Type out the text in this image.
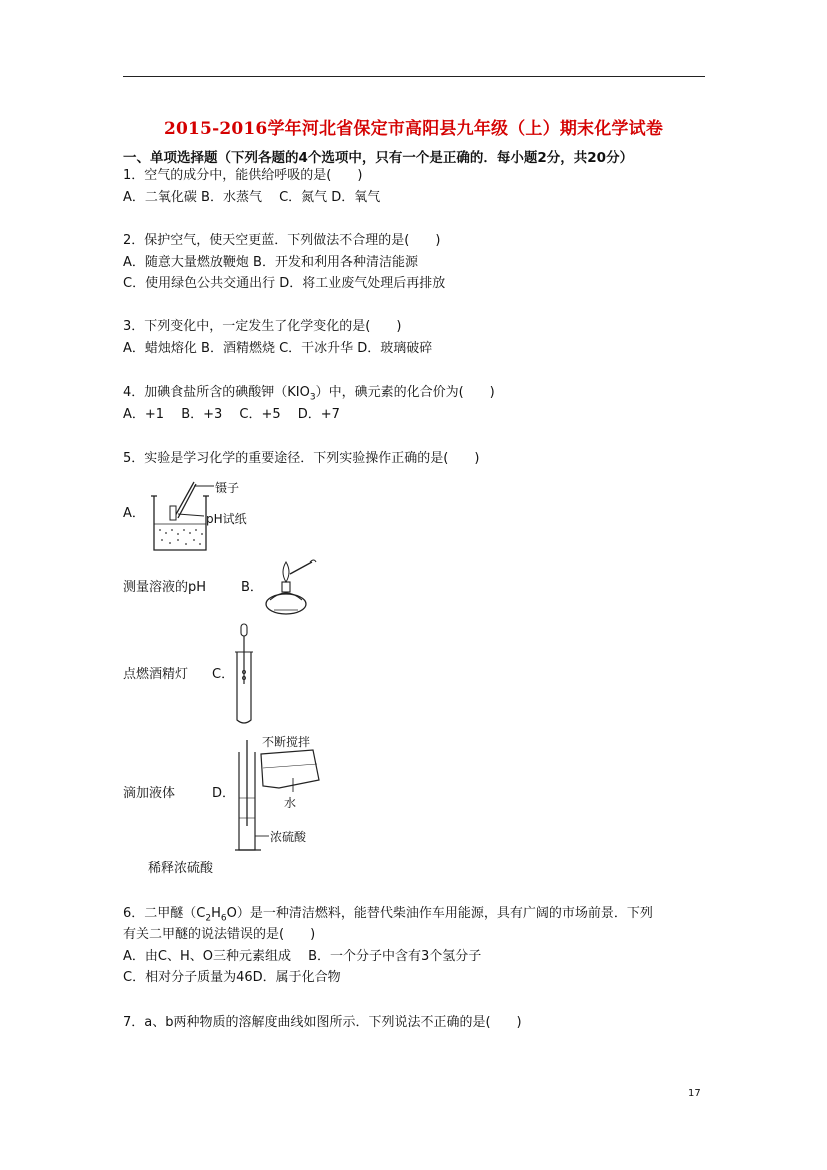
2015-2016学年河北省保定市高阳县九年级（上）期末化学试卷
一、单项选择题（下列各题的4个选项中，只有一个是正确的．每小题2分，共20分）
1．空气的成分中，能供给呼吸的是(　　)
A．二氧化碳 B．水蒸气　 C．氮气 D．氧气
2．保护空气，使天空更蓝．下列做法不合理的是(　　)
A．随意大量燃放鞭炮 B．开发和利用各种清洁能源
C．使用绿色公共交通出行 D．将工业废气处理后再排放
3．下列变化中，一定发生了化学变化的是(　　)
A．蜡烛熔化 B．酒精燃烧 C．干冰升华 D．玻璃破碎
4．加碘食盐所含的碘酸钾$(KIO_3)$中，碘元素的化合价为(　　)
A．+1　 B．+3　 C．+5　 D．+7
5．实验是学习化学的重要途径．下列实验操作正确的是(　　)
A．
镊子
pH试纸
测量溶液的pH	B．
点燃酒精灯 C．
滴加液体	D．
不断搅拌
水
浓硫酸
稀释浓硫酸
6．二甲醚$(C_2H_6O)$是一种清洁燃料，能替代柴油作车用能源，具有广阔的市场前景．下列
有关二甲醚的说法错误的是(　　)
A．由C、H、O三种元素组成　 B．一个分子中含有3个氢分子
C．相对分子质量为46D．属于化合物
7．a、b两种物质的溶解度曲线如图所示．下列说法不正确的是(　　)
17
